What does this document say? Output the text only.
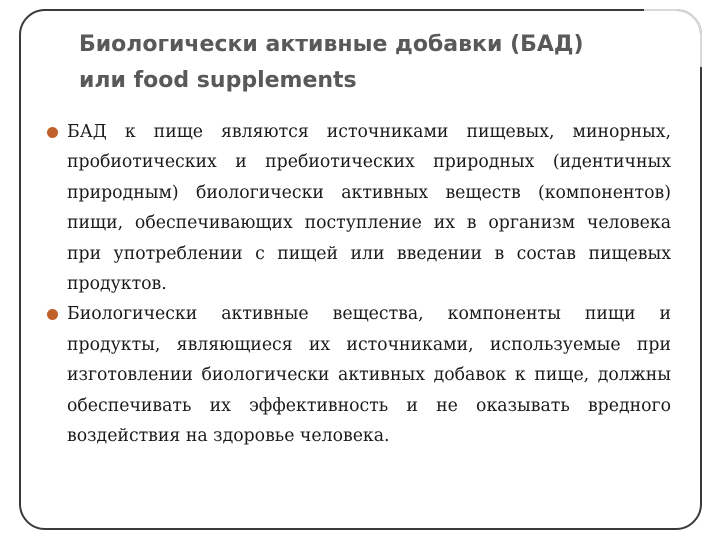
Биологически активные добавки (БАД)
или food supplements
БАД к пище являются источниками пищевых, минорных, пробиотических и пребиотических природных (идентичных природным) биологически активных веществ (компонентов) пищи, обеспечивающих поступление их в организм человека при употреблении с пищей или введении в состав пищевых продуктов.
Биологически активные вещества, компоненты пищи и продукты, являющиеся их источниками, используемые при изготовлении биологически активных добавок к пище, должны обеспечивать их эффективность и не оказывать вредного воздействия на здоровье человека.
